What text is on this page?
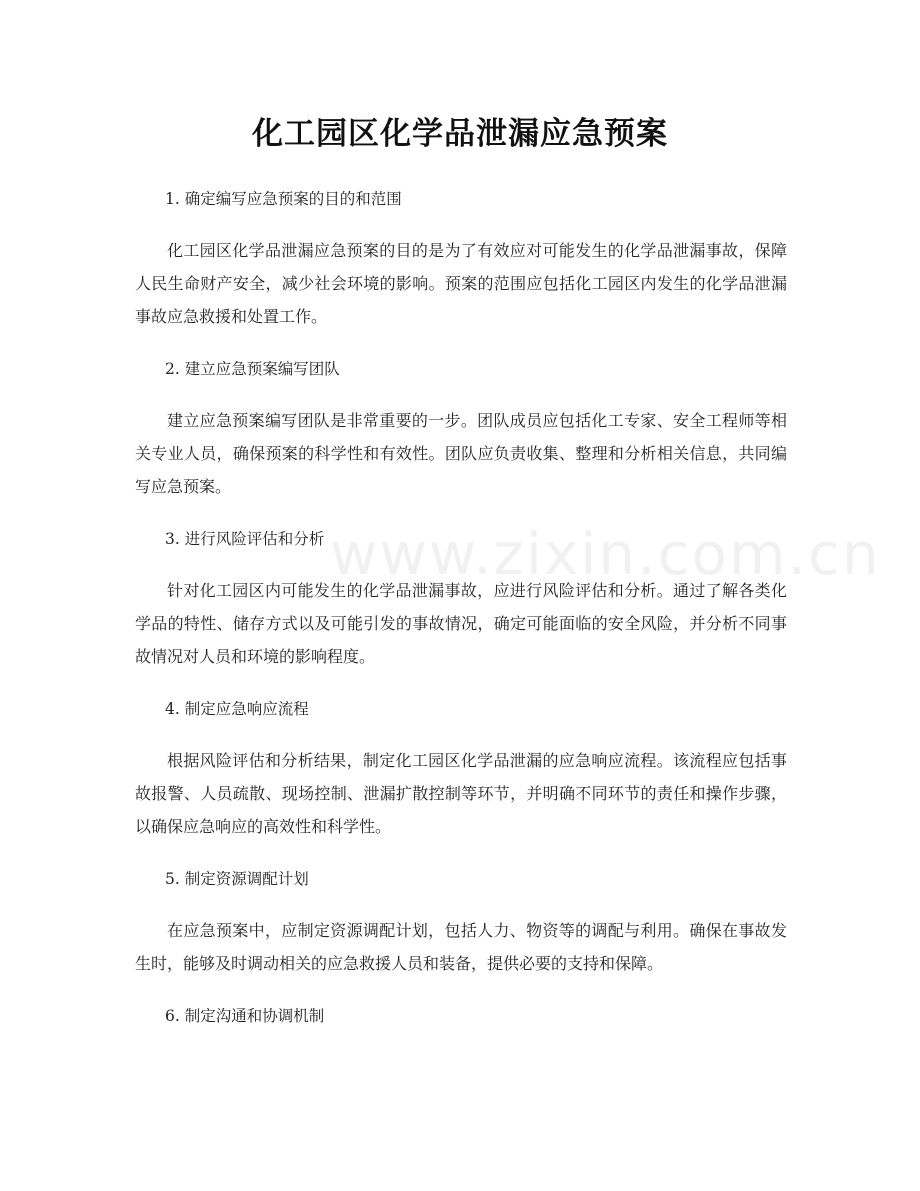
化工园区化学品泄漏应急预案
www.zixin.com.cn

1. 确定编写应急预案的目的和范围

化工园区化学品泄漏应急预案的目的是为了有效应对可能发生的化学品泄漏事故，保障人民生命财产安全，减少社会环境的影响。预案的范围应包括化工园区内发生的化学品泄漏事故应急救援和处置工作。

2. 建立应急预案编写团队

建立应急预案编写团队是非常重要的一步。团队成员应包括化工专家、安全工程师等相关专业人员，确保预案的科学性和有效性。团队应负责收集、整理和分析相关信息，共同编写应急预案。

3. 进行风险评估和分析

针对化工园区内可能发生的化学品泄漏事故，应进行风险评估和分析。通过了解各类化学品的特性、储存方式以及可能引发的事故情况，确定可能面临的安全风险，并分析不同事故情况对人员和环境的影响程度。

4. 制定应急响应流程

根据风险评估和分析结果，制定化工园区化学品泄漏的应急响应流程。该流程应包括事故报警、人员疏散、现场控制、泄漏扩散控制等环节，并明确不同环节的责任和操作步骤，以确保应急响应的高效性和科学性。

5. 制定资源调配计划

在应急预案中，应制定资源调配计划，包括人力、物资等的调配与利用。确保在事故发生时，能够及时调动相关的应急救援人员和装备，提供必要的支持和保障。

6. 制定沟通和协调机制
